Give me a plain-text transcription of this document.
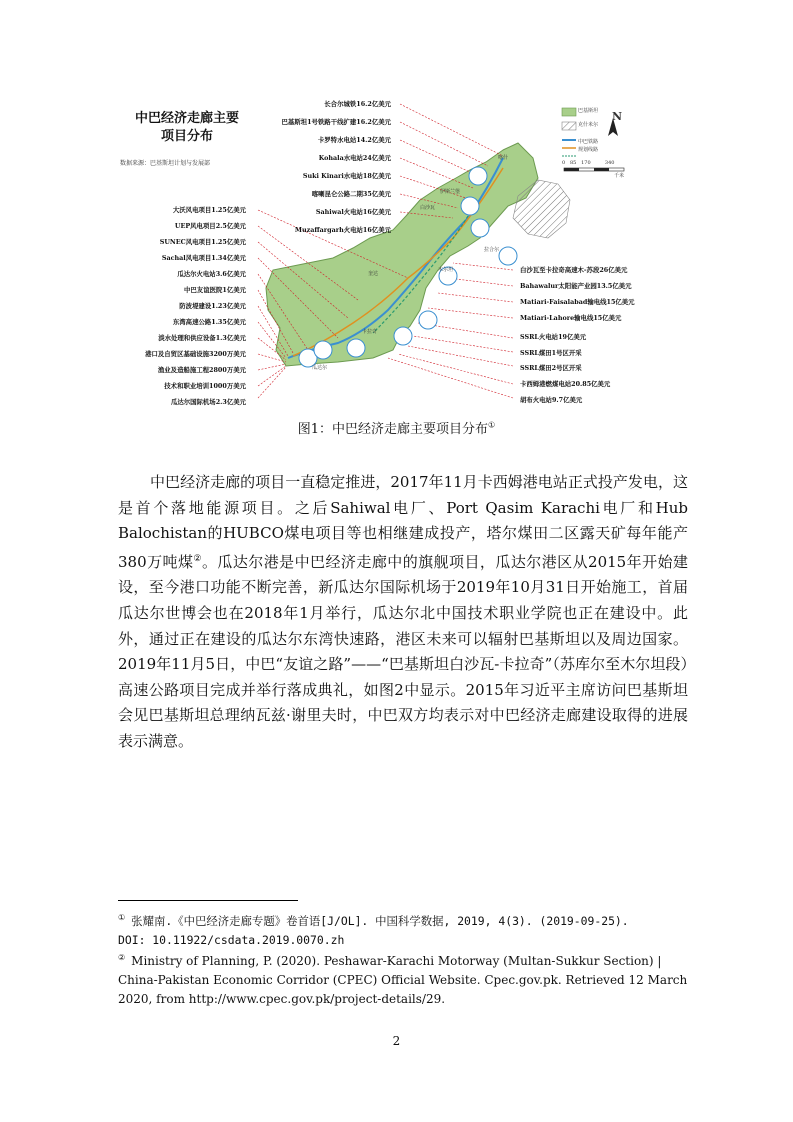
中巴经济走廊主要
项目分布
数据来源：巴基斯坦计划与发展部
N
巴基斯坦
克什米尔
中巴铁路
规划线路
0   85   170         340
千米
伊斯兰堡
拉合尔
木尔坦
奎达
卡拉奇
瓜达尔
白沙瓦
喀什
长合尔城铁16.2亿美元
巴基斯坦1号铁路干线扩建16.2亿美元
卡罗特水电站14.2亿美元
Kohala水电站24亿美元
Suki Kinari水电站18亿美元
喀喇昆仑公路二期35亿美元
Sahiwal火电站16亿美元
Muzaffargarh火电站16亿美元
大沃风电项目1.25亿美元
UEP风电项目2.5亿美元
SUNEC风电项目1.25亿美元
Sachal风电项目1.34亿美元
瓜达尔火电站3.6亿美元
中巴友谊医院1亿美元
防波堤建设1.23亿美元
东湾高速公路1.35亿美元
淡水处理和供应设备1.3亿美元
港口及自贸区基础设施3200万美元
渔业及造船施工程2800万美元
技术和职业培训1000万美元
瓜达尔国际机场2.3亿美元
白沙瓦至卡拉奇高速木-苏段26亿美元
Bahawalur太阳能产业园13.5亿美元
Matiari-Faisalabad输电线15亿美元
Matiari-Lahore输电线15亿美元
SSRL火电站19亿美元
SSRL煤田1号区开采
SSRL煤田2号区开采
卡西姆港燃煤电站20.85亿美元
胡布火电站9.7亿美元
图1：中巴经济走廊主要项目分布①
中巴经济走廊的项目一直稳定推进，2017年11月卡西姆港电站正式投产发电，这是首个落地能源项目。之后Sahiwal电厂、Port Qasim Karachi电厂和Hub Balochistan的HUBCO煤电项目等也相继建成投产，塔尔煤田二区露天矿每年能产380万吨煤②。瓜达尔港是中巴经济走廊中的旗舰项目，瓜达尔港区从2015年开始建设，至今港口功能不断完善，新瓜达尔国际机场于2019年10月31日开始施工，首届瓜达尔世博会也在2018年1月举行，瓜达尔北中国技术职业学院也正在建设中。此外，通过正在建设的瓜达尔东湾快速路，港区未来可以辐射巴基斯坦以及周边国家。2019年11月5日，中巴“友谊之路”——“巴基斯坦白沙瓦-卡拉奇”（苏库尔至木尔坦段）高速公路项目完成并举行落成典礼，如图2中显示。2015年习近平主席访问巴基斯坦会见巴基斯坦总理纳瓦兹·谢里夫时，中巴双方均表示对中巴经济走廊建设取得的进展表示满意。
① 张耀南.《中巴经济走廊专题》卷首语[J/OL]. 中国科学数据, 2019, 4(3). (2019-09-25).
DOI: 10.11922/csdata.2019.0070.zh
② Ministry of Planning, P. (2020). Peshawar-Karachi Motorway (Multan-Sukkur Section) |
China-Pakistan Economic Corridor (CPEC) Official Website. Cpec.gov.pk. Retrieved 12 March
2020, from http://www.cpec.gov.pk/project-details/29.
2
